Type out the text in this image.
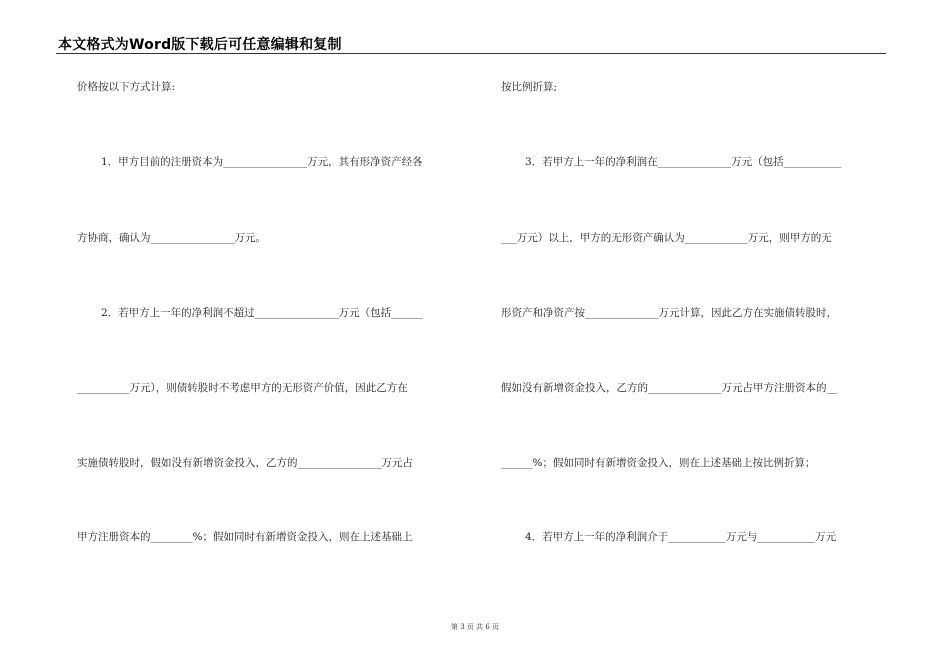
本文格式为Word版下载后可任意编辑和复制
价格按以下方式计算:
1．甲方目前的注册资本为________________万元，其有形净资产经各
方协商，确认为________________万元。
2．若甲方上一年的净利润不超过________________万元（包括______
__________万元），则债转股时不考虑甲方的无形资产价值，因此乙方在
实施债转股时，假如没有新增资金投入，乙方的________________万元占
甲方注册资本的________%；假如同时有新增资金投入，则在上述基础上
按比例折算;
3．若甲方上一年的净利润在______________万元（包括___________
___万元）以上，甲方的无形资产确认为____________万元，则甲方的无
形资产和净资产按______________万元计算，因此乙方在实施债转股时，
假如没有新增资金投入，乙方的______________万元占甲方注册资本的__
______%；假如同时有新增资金投入，则在上述基础上按比例折算；
4．若甲方上一年的净利润介于___________万元与___________万元
第 3 页 共 6 页
